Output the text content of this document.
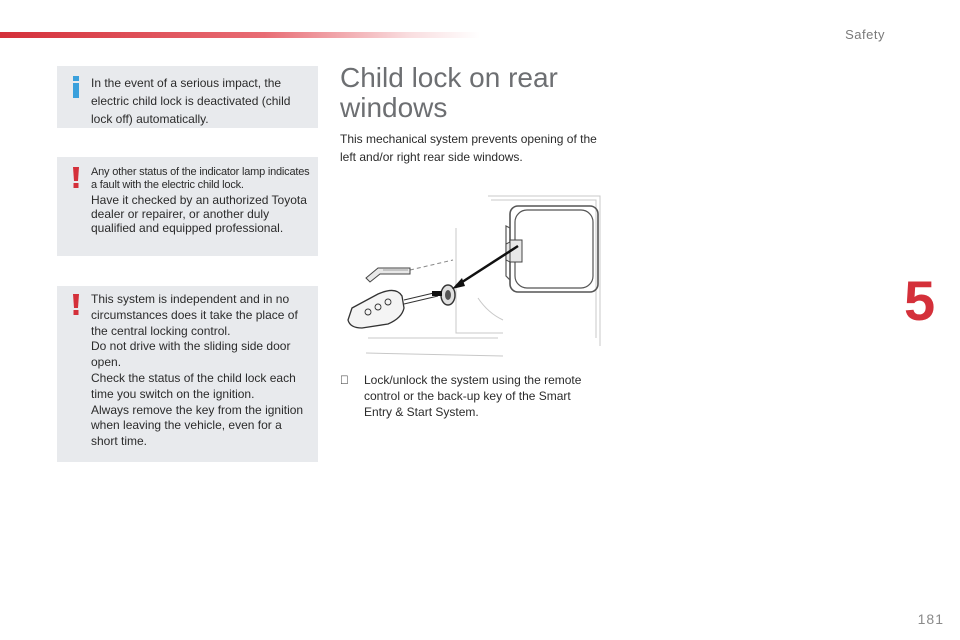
Safety
5
181

In the event of a serious impact, the electric child lock is deactivated (child lock off) automatically.

Any other status of the indicator lamp indicates a fault with the electric child lock.

Have it checked by an authorized Toyota dealer or repairer, or another duly qualified and equipped professional.

This system is independent and in no circumstances does it take the place of the central locking control.

Do not drive with the sliding side door open.

Check the status of the child lock each time you switch on the ignition.

Always remove the key from the ignition when leaving the vehicle, even for a short time.

Child lock on rear
windows

This mechanical system prevents opening of the left and/or right rear side windows.

Lock/unlock the system using the remote control or the back-up key of the Smart Entry & Start System.
